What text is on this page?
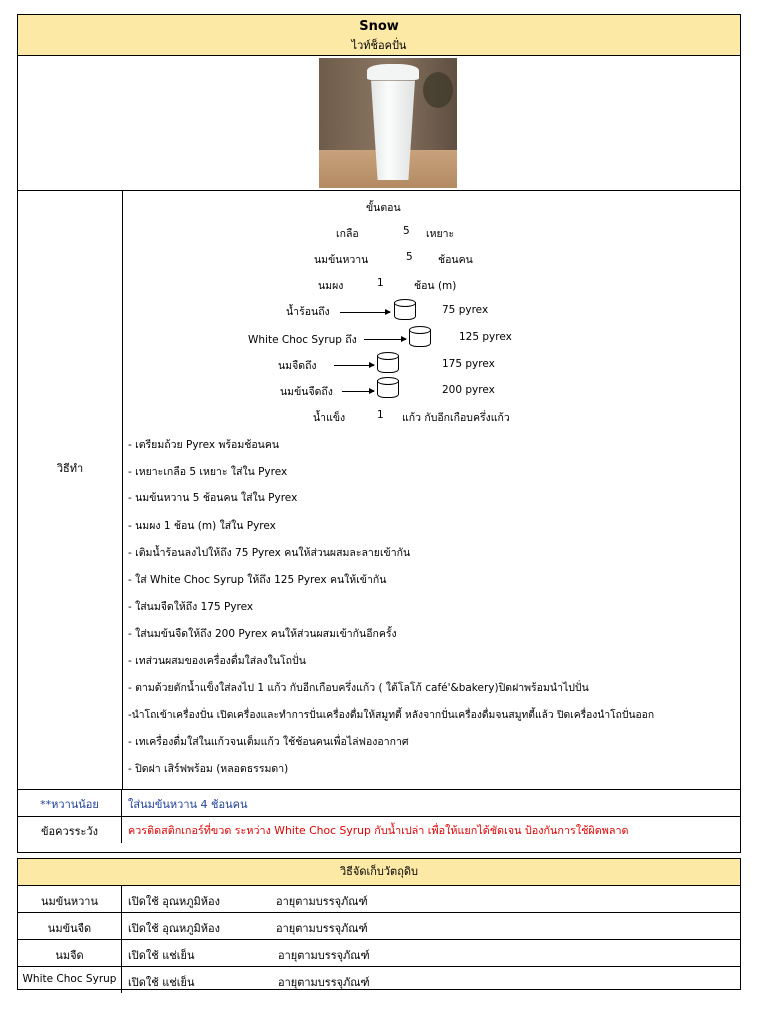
Snow
ไวท์ช็อคปั่น
วิธีทำ
ขั้นตอน
เกลือ	5 เหยาะ
นมข้นหวาน	5 ช้อนคน
นมผง	1	ช้อน (m)
น้ำร้อนถึง	75 pyrex
White Choc Syrup ถึง	125 pyrex
นมจืดถึง	175 pyrex
นมข้นจืดถึง	200 pyrex
น้ำแข็ง	1 แก้ว กับอีกเกือบครึ่งแก้ว
- เตรียมถ้วย Pyrex พร้อมช้อนคน
- เหยาะเกลือ 5 เหยาะ ใส่ใน Pyrex
- นมข้นหวาน 5 ช้อนคน ใส่ใน Pyrex
- นมผง 1 ช้อน (m) ใส่ใน Pyrex
- เติมน้ำร้อนลงไปให้ถึง 75 Pyrex คนให้ส่วนผสมละลายเข้ากัน
- ใส่ White Choc Syrup ให้ถึง 125 Pyrex คนให้เข้ากัน
- ใส่นมจืดให้ถึง 175 Pyrex
- ใส่นมข้นจืดให้ถึง 200 Pyrex คนให้ส่วนผสมเข้ากันอีกครั้ง
- เทส่วนผสมของเครื่องดื่มใส่ลงในโถปั่น
- ตามด้วยตักน้ำแข็งใส่ลงไป 1 แก้ว กับอีกเกือบครึ่งแก้ว ( ใต้โลโก้ café'&bakery)ปิดฝาพร้อมนำไปปั่น
-นำโถเข้าเครื่องปั่น เปิดเครื่องและทำการปั่นเครื่องดื่มให้สมูทตี้ หลังจากปั่นเครื่องดื่มจนสมูทตี้แล้ว ปิดเครื่องนำโถปั่นออก
- เทเครื่องดื่มใส่ในแก้วจนเต็มแก้ว ใช้ช้อนคนเพื่อไล่ฟองอากาศ
- ปิดฝา เสิร์ฟพร้อม (หลอดธรรมดา)
**หวานน้อย	ใส่นมข้นหวาน 4 ช้อนคน
ข้อควรระวัง	ควรติดสติกเกอร์ที่ขวด ระหว่าง White Choc Syrup กับน้ำเปล่า เพื่อให้แยกได้ชัดเจน ป้องกันการใช้ผิดพลาด
วิธีจัดเก็บวัตถุดิบ
นมข้นหวาน	เปิดใช้ อุณหภูมิห้อง	อายุตามบรรจุภัณฑ์
นมข้นจืด	เปิดใช้ อุณหภูมิห้อง	อายุตามบรรจุภัณฑ์
นมจืด	เปิดใช้ แช่เย็น	อายุตามบรรจุภัณฑ์
White Choc Syrup	เปิดใช้ แช่เย็น	อายุตามบรรจุภัณฑ์
